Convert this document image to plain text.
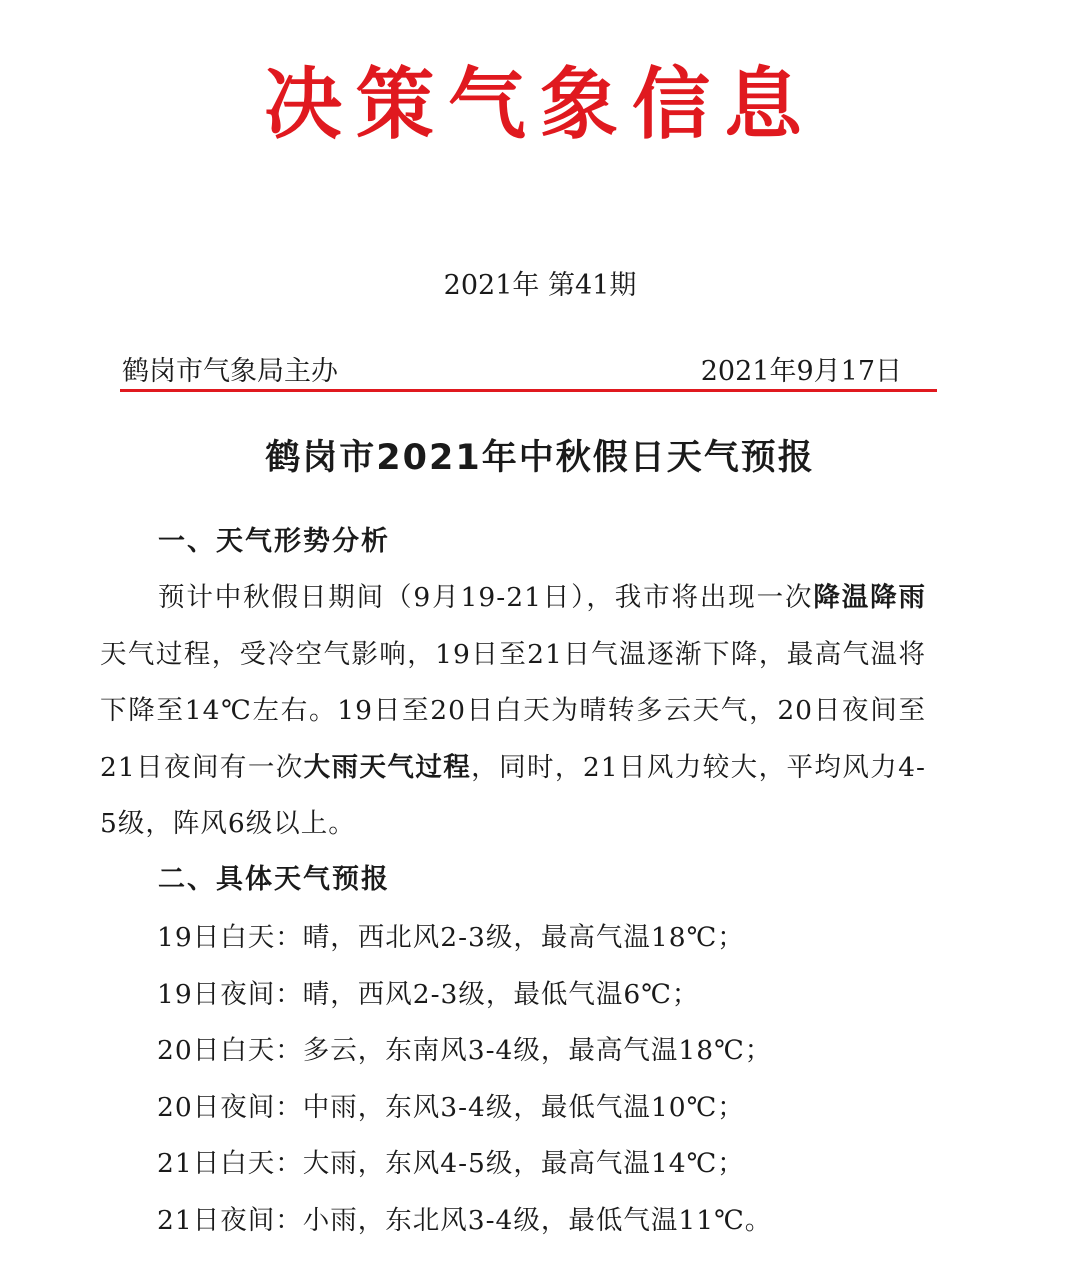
决策气象信息
2021年 第41期
鹤岗市气象局主办	2021年9月17日
鹤岗市2021年中秋假日天气预报
一、天气形势分析

预计中秋假日期间（9月19-21日），我市将出现一次降温降雨天气过程，受冷空气影响，19日至21日气温逐渐下降，最高气温将下降至14℃左右。19日至20日白天为晴转多云天气，20日夜间至21日夜间有一次大雨天气过程，同时，21日风力较大，平均风力4-5级，阵风6级以上。

二、具体天气预报
19日白天：晴，西北风2-3级，最高气温18℃；
19日夜间：晴，西风2-3级，最低气温6℃；
20日白天：多云，东南风3-4级，最高气温18℃；
20日夜间：中雨，东风3-4级，最低气温10℃；
21日白天：大雨，东风4-5级，最高气温14℃；
21日夜间：小雨，东北风3-4级，最低气温11℃。
